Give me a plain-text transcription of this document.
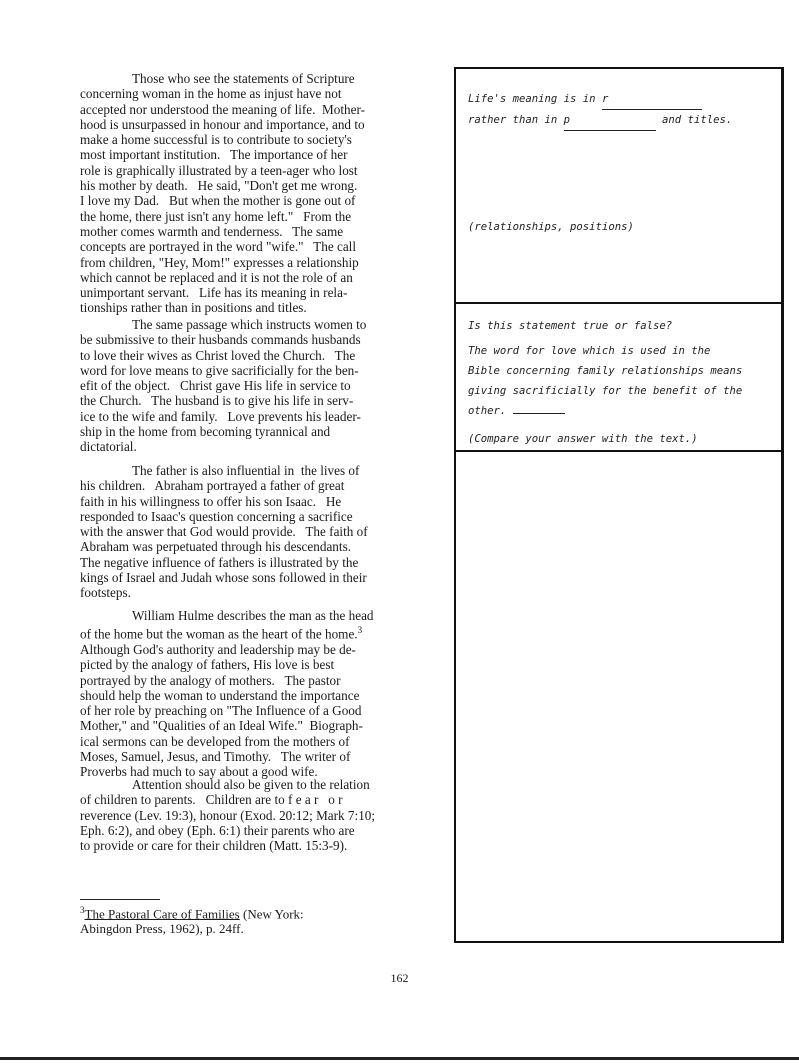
Those who see the statements of Scripture
concerning woman in the home as injust have not
accepted nor understood the meaning of life.  Mother-
hood is unsurpassed in honour and importance, and to
make a home successful is to contribute to society's
most important institution.   The importance of her
role is graphically illustrated by a teen-ager who lost
his mother by death.   He said, "Don't get me wrong.
I love my Dad.   But when the mother is gone out of
the home, there just isn't any home left."   From the
mother comes warmth and tenderness.   The same
concepts are portrayed in the word "wife."   The call
from children, "Hey, Mom!" expresses a relationship
which cannot be replaced and it is not the role of an
unimportant servant.   Life has its meaning in rela-
tionships rather than in positions and titles.
The same passage which instructs women to
be submissive to their husbands commands husbands
to love their wives as Christ loved the Church.   The
word for love means to give sacrificially for the ben-
efit of the object.   Christ gave His life in service to
the Church.   The husband is to give his life in serv-
ice to the wife and family.   Love prevents his leader-
ship in the home from becoming tyrannical and
dictatorial.
The father is also influential in  the lives of
his children.   Abraham portrayed a father of great
faith in his willingness to offer his son Isaac.   He
responded to Isaac's question concerning a sacrifice
with the answer that God would provide.   The faith of
Abraham was perpetuated through his descendants.
The negative influence of fathers is illustrated by the
kings of Israel and Judah whose sons followed in their
footsteps.
William Hulme describes the man as the head
of the home but the woman as the heart of the home.$^3$
Although God's authority and leadership may be de-
picted by the analogy of fathers, His love is best
portrayed by the analogy of mothers.   The pastor
should help the woman to understand the importance
of her role by preaching on "The Influence of a Good
Mother," and "Qualities of an Ideal Wife."  Biograph-
ical sermons can be developed from the mothers of
Moses, Samuel, Jesus, and Timothy.   The writer of
Proverbs had much to say about a good wife.
Attention should also be given to the relation
of children to parents.   Children are to f e a r   o r
reverence (Lev. 19:3), honour (Exod. 20:12; Mark 7:10;
Eph. 6:2), and obey (Eph. 6:1) their parents who are
to provide or care for their children (Matt. 15:3-9).
$^3$The Pastoral Care of Families (New York:
Abingdon Press, 1962), p. 24ff.
162
Life's meaning is in r
rather than in p	and titles.
(relationships, positions)
Is this statement true or false?
The word for love which is used in the
Bible concerning family relationships means
giving sacrificially for the benefit of the
other.
(Compare your answer with the text.)
